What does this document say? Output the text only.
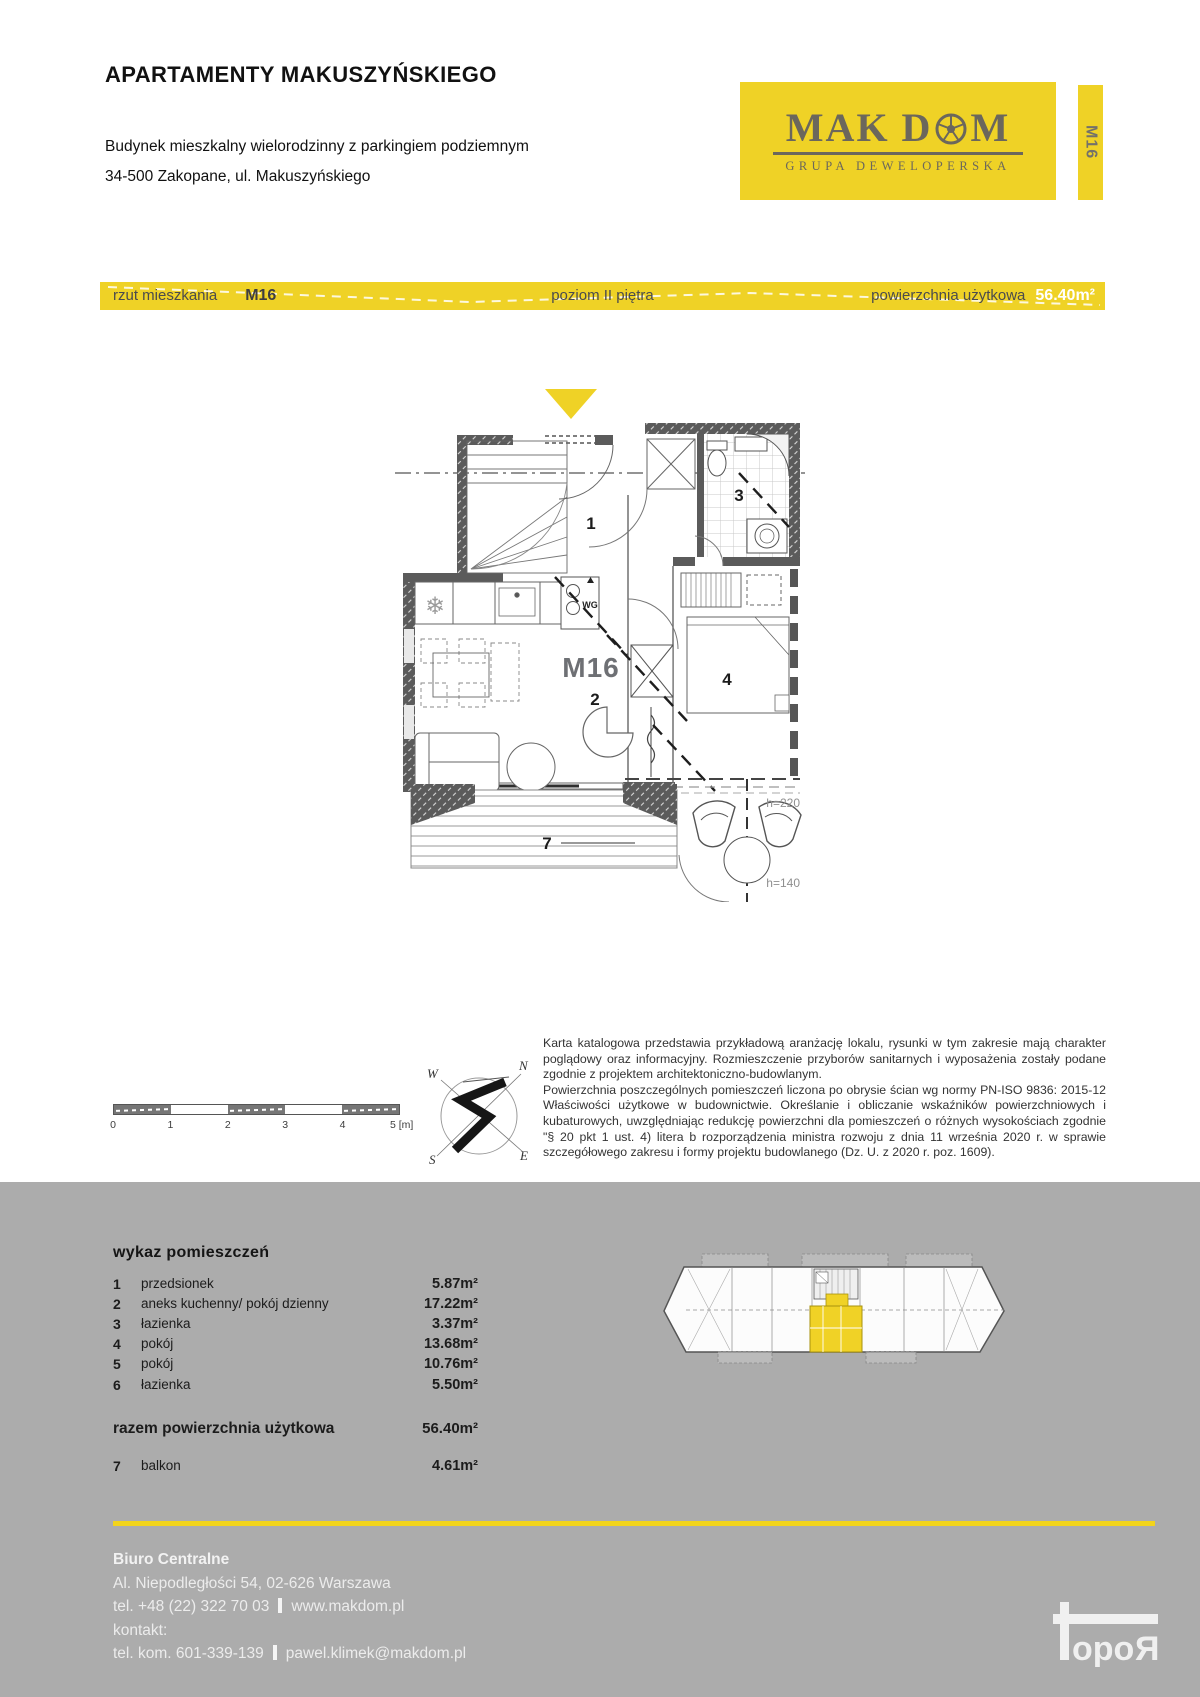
APARTAMENTY MAKUSZYŃSKIEGO
Budynek mieszkalny wielorodzinny z parkingiem podziemnym
34-500 Zakopane, ul. Makuszyńskiego
MAK D M
GRUPA DEWELOPERSKA
M16
rzut mieszkania M16	poziom II piętra	powierzchnia użytkowa 56.40m²
❄	WG
1
3
M16
2
4
7
h=220
h=140
0	1	2	3	4	5 [m]
W
N
S	E

Karta katalogowa przedstawia przykładową aranżację lokalu, rysunki w tym zakresie mają charakter poglądowy oraz informacyjny. Rozmieszczenie przyborów sanitarnych i wyposażenia zostały podane zgodnie z projektem architektoniczno-budowlanym.

Powierzchnia poszczególnych pomieszczeń liczona po obrysie ścian wg normy PN-ISO 9836: 2015-12 Właściwości użytkowe w budownictwie. Określanie i obliczanie wskaźników powierzchniowych i kubaturowych, uwzględniając redukcję powierzchni dla pomieszczeń o różnych wysokościach zgodnie "§ 20 pkt 1 ust. 4) litera b rozporządzenia ministra rozwoju z dnia 11 września 2020 r. w sprawie szczegółowego zakresu i formy projektu budowlanego (Dz. U. z 2020 r. poz. 1609).

wykaz pomieszczeń
1 przedsionek	5.87m²
2 aneks kuchenny/ pokój dzienny	17.22m²
3 łazienka	3.37m²
4 pokój	13.68m²
5 pokój	10.76m²
6 łazienka	5.50m²
razem powierzchnia użytkowa	56.40m²
7 balkon	4.61m²
Biuro Centralne
Al. Niepodległości 54, 02-626 Warszawa
tel. +48 (22) 322 70 03 www.makdom.pl
kontakt:
tel. kom. 601-339-139 pawel.klimek@makdom.pl	opo Я
